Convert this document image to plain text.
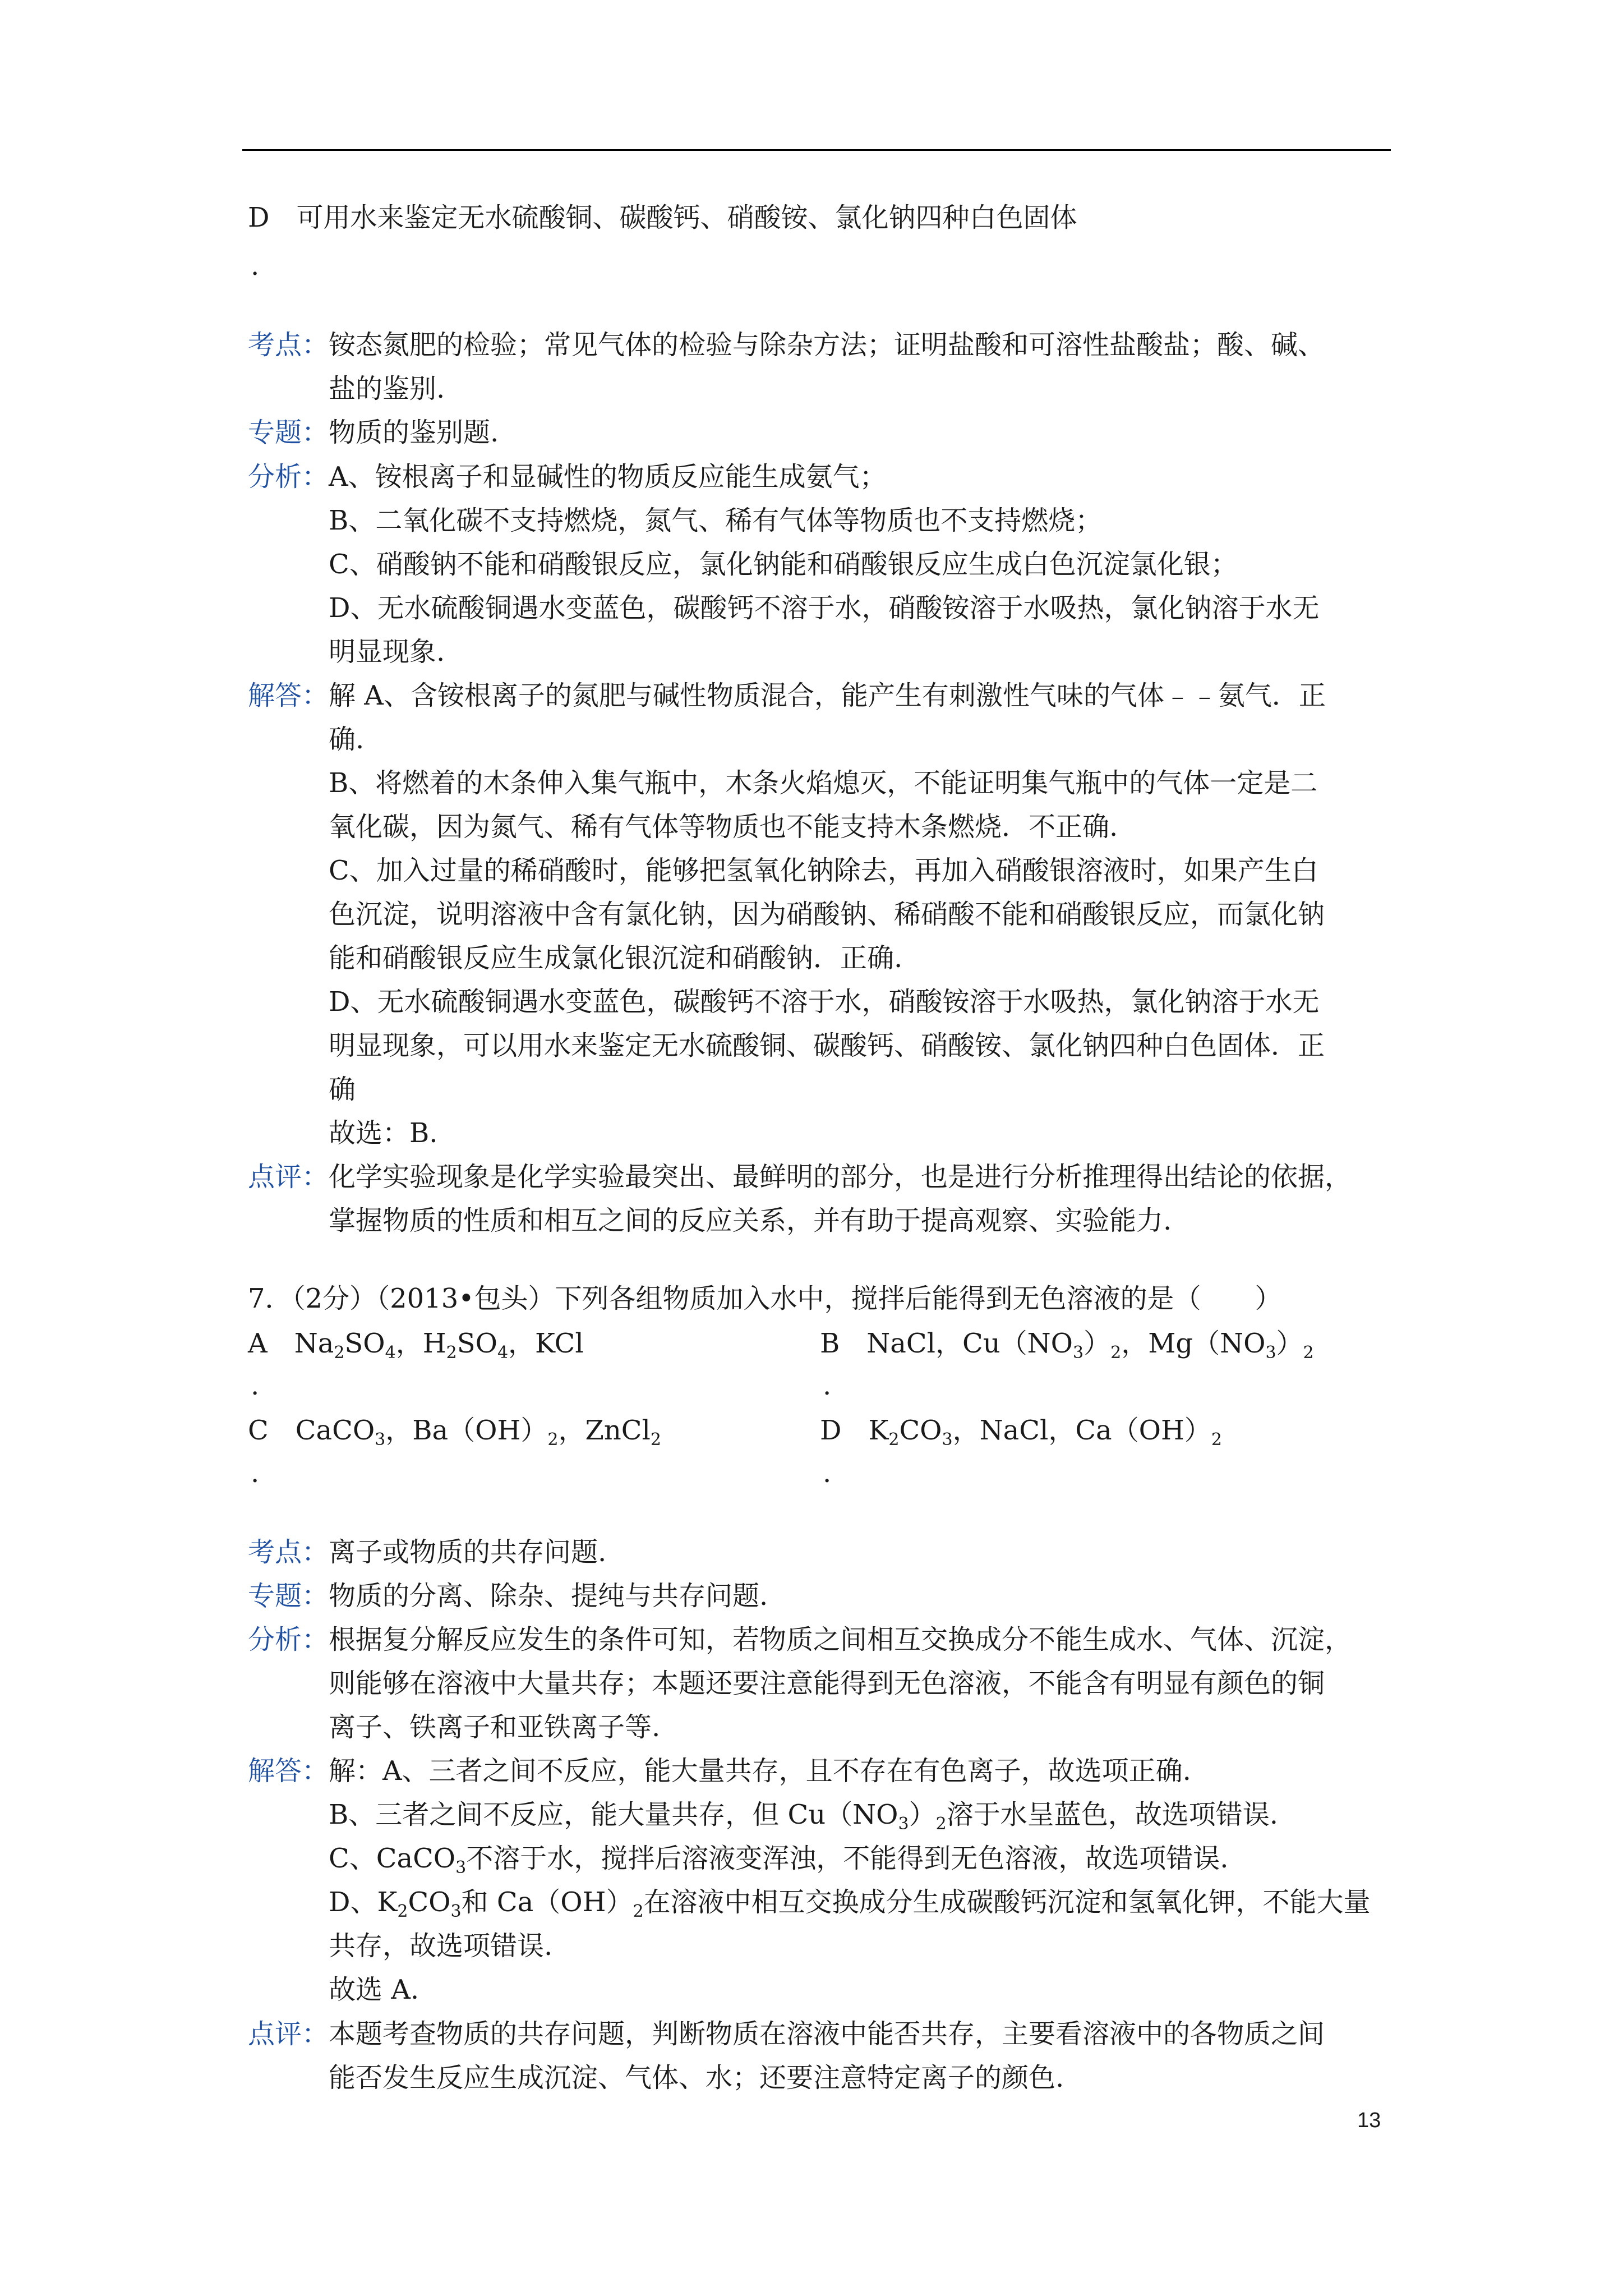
D　可用水来鉴定无水硫酸铜、碳酸钙、硝酸铵、氯化钠四种白色固体
.
考点： 铵态氮肥的检验；常见气体的检验与除杂方法；证明盐酸和可溶性盐酸盐；酸、碱、
盐的鉴别.
专题： 物质的鉴别题.
分析： A、铵根离子和显碱性的物质反应能生成氨气；
B、二氧化碳不支持燃烧，氮气、稀有气体等物质也不支持燃烧；
C、硝酸钠不能和硝酸银反应，氯化钠能和硝酸银反应生成白色沉淀氯化银；
D、无水硫酸铜遇水变蓝色，碳酸钙不溶于水，硝酸铵溶于水吸热，氯化钠溶于水无
明显现象.
解答： 解 A、含铵根离子的氮肥与碱性物质混合，能产生有刺激性气味的气体﹣﹣氨气．正
确.
B、将燃着的木条伸入集气瓶中，木条火焰熄灭，不能证明集气瓶中的气体一定是二
氧化碳，因为氮气、稀有气体等物质也不能支持木条燃烧．不正确.
C、加入过量的稀硝酸时，能够把氢氧化钠除去，再加入硝酸银溶液时，如果产生白
色沉淀，说明溶液中含有氯化钠，因为硝酸钠、稀硝酸不能和硝酸银反应，而氯化钠
能和硝酸银反应生成氯化银沉淀和硝酸钠．正确.
D、无水硫酸铜遇水变蓝色，碳酸钙不溶于水，硝酸铵溶于水吸热，氯化钠溶于水无
明显现象，可以用水来鉴定无水硫酸铜、碳酸钙、硝酸铵、氯化钠四种白色固体．正
确
故选：B.
点评： 化学实验现象是化学实验最突出、最鲜明的部分，也是进行分析推理得出结论的依据，
掌握物质的性质和相互之间的反应关系，并有助于提高观察、实验能力.
7．（2分）（2013•包头）下列各组物质加入水中，搅拌后能得到无色溶液的是（　　）
A　 $Na_2SO_4$，$H_2SO_4$，KCl	B　 NaCl，$Cu(NO_3)_2$，$Mg(NO_3)_2$
.	.
C　 CaCO$_3$，$Ba(OH)_2$，ZnCl$_2$	D　 $K_2CO_3$，NaCl，$Ca(OH)_2$
.	.
考点： 离子或物质的共存问题.
专题： 物质的分离、除杂、提纯与共存问题.
分析： 根据复分解反应发生的条件可知，若物质之间相互交换成分不能生成水、气体、沉淀，
则能够在溶液中大量共存；本题还要注意能得到无色溶液，不能含有明显有颜色的铜
离子、铁离子和亚铁离子等.
解答： 解：A、三者之间不反应，能大量共存，且不存在有色离子，故选项正确.
B、三者之间不反应，能大量共存，但 $Cu(NO_3)_2$溶于水呈蓝色，故选项错误.
C、CaCO$_3$不溶于水，搅拌后溶液变浑浊，不能得到无色溶液，故选项错误.
D、$K_2CO_3$和 $Ca(OH)_2$在溶液中相互交换成分生成碳酸钙沉淀和氢氧化钾，不能大量
共存，故选项错误.
故选 A.
点评： 本题考查物质的共存问题，判断物质在溶液中能否共存，主要看溶液中的各物质之间
能否发生反应生成沉淀、气体、水；还要注意特定离子的颜色.
13
